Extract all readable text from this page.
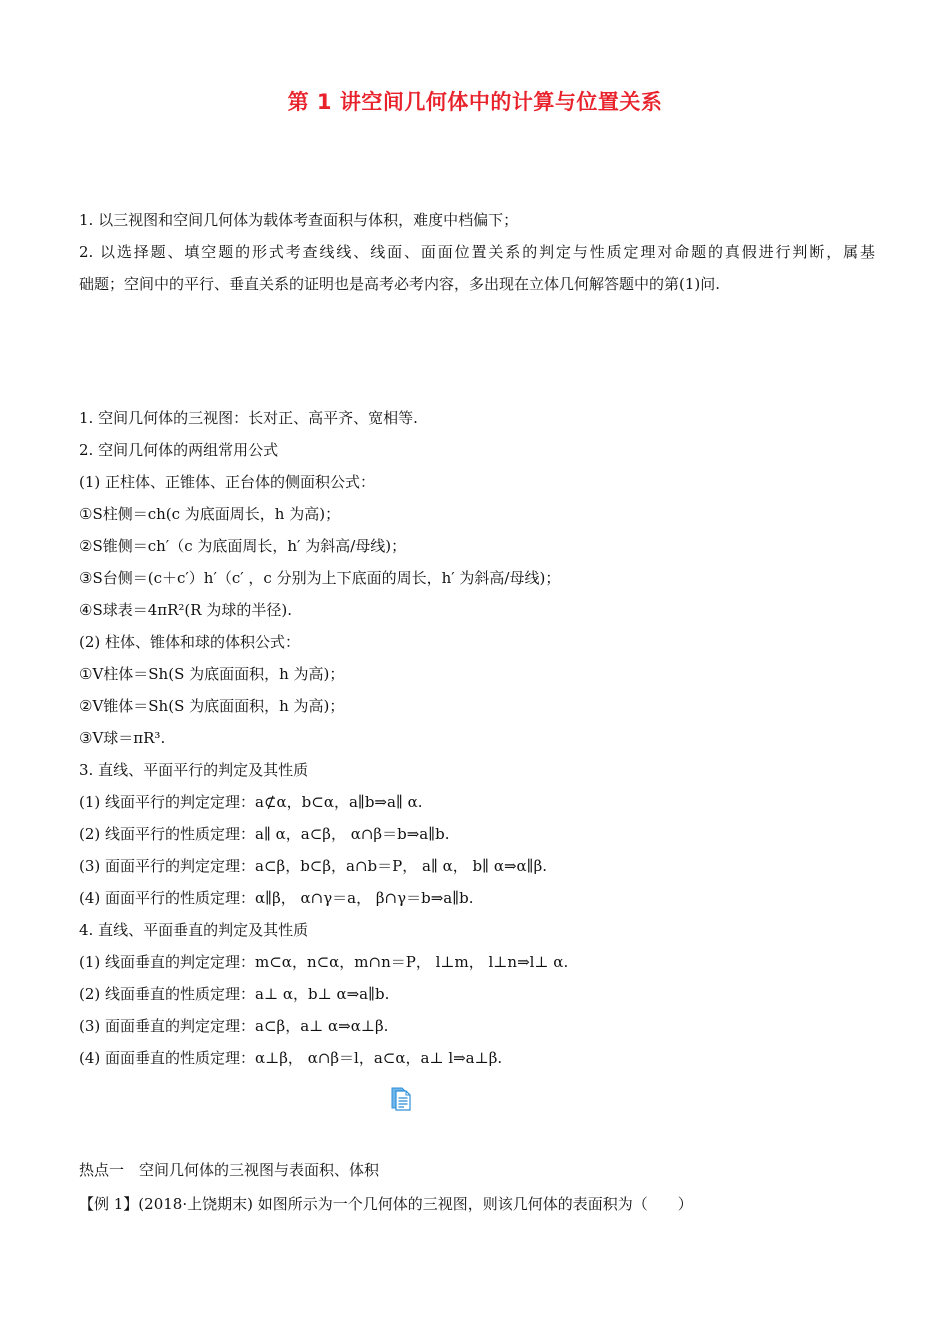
第 1 讲空间几何体中的计算与位置关系
1. 以三视图和空间几何体为载体考查面积与体积，难度中档偏下；
2. 以选择题、填空题的形式考查线线、线面、面面位置关系的判定与性质定理对命题的真假进行判断，属基
础题；空间中的平行、垂直关系的证明也是高考必考内容，多出现在立体几何解答题中的第(1)问.
1. 空间几何体的三视图：长对正、高平齐、宽相等.
2. 空间几何体的两组常用公式
(1) 正柱体、正锥体、正台体的侧面积公式：
①S柱侧＝ch(c 为底面周长，h 为高)；
②S锥侧＝ch′（c 为底面周长，h′ 为斜高/母线)；
③S台侧＝(c＋c′）h′（c′ ，c 分别为上下底面的周长，h′ 为斜高/母线)；
④S球表＝4πR²(R 为球的半径).
(2) 柱体、锥体和球的体积公式：
①V柱体＝Sh(S 为底面面积，h 为高)；
②V锥体＝Sh(S 为底面面积，h 为高)；
③V球＝πR³.
3. 直线、平面平行的判定及其性质
(1) 线面平行的判定定理：a⊄α，b⊂α，a∥b⇒a∥ α.
(2) 线面平行的性质定理：a∥ α，a⊂β， α∩β＝b⇒a∥b.
(3) 面面平行的判定定理：a⊂β，b⊂β，a∩b＝P， a∥ α， b∥ α⇒α∥β.
(4) 面面平行的性质定理：α∥β， α∩γ＝a， β∩γ＝b⇒a∥b.
4. 直线、平面垂直的判定及其性质
(1) 线面垂直的判定定理：m⊂α，n⊂α，m∩n＝P， l⊥m， l⊥n⇒l⊥ α.
(2) 线面垂直的性质定理：a⊥ α，b⊥ α⇒a∥b.
(3) 面面垂直的判定定理：a⊂β，a⊥ α⇒α⊥β.
(4) 面面垂直的性质定理：α⊥β， α∩β＝l，a⊂α，a⊥ l⇒a⊥β.
热点一　空间几何体的三视图与表面积、体积
【例 1】(2018·上饶期末) 如图所示为一个几何体的三视图，则该几何体的表面积为（　　）
